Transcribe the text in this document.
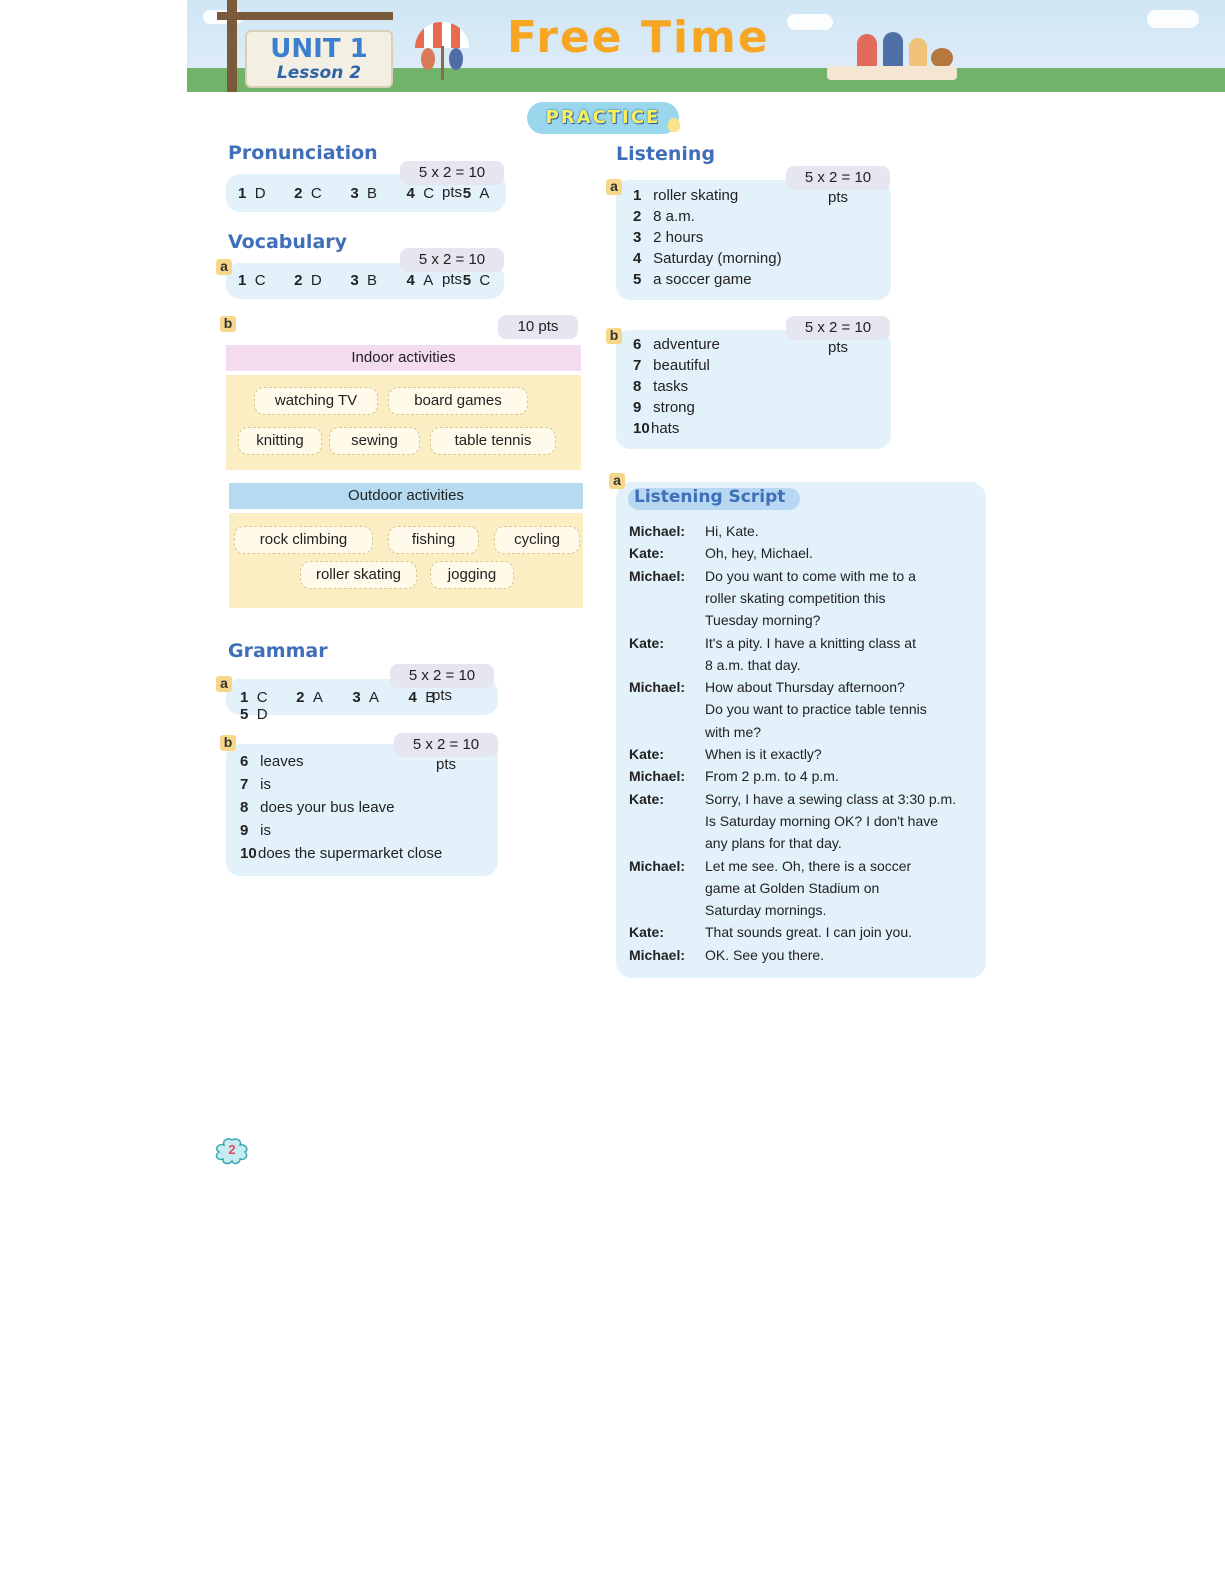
UNIT 1
Lesson 2
Free Time
PRACTICE
Pronunciation
5 x 2 = 10 pts
1 D 2 C 3 B 4 C 5 A
Vocabulary
a	5 x 2 = 10 pts
1 C 2 D 3 B 4 A 5 C
b	10 pts
Indoor activities
watching TV	board games
knitting	sewing	table tennis
Outdoor activities
rock climbing	fishing	cycling
roller skating	jogging
Grammar
a	5 x 2 = 10 pts
1 C 2 A 3 A 4 B 5 D
b	5 x 2 = 10 pts
6 leaves
7 is
8 does your bus leave
9 is
10does the supermarket close
Listening
a	5 x 2 = 10 pts
1 roller skating
2 8 a.m.
3 2 hours
4 Saturday (morning)
5 a soccer game
b	5 x 2 = 10 pts
6 adventure
7 beautiful
8 tasks
9 strong
10hats
a
Listening Script
Michael: Hi, Kate.
Kate:	Oh, hey, Michael.
Michael: Do you want to come with me to a
roller skating competition this
Tuesday morning?
Kate:	It's a pity. I have a knitting class at
8 a.m. that day.
Michael: How about Thursday afternoon?
Do you want to practice table tennis
with me?
Kate:	When is it exactly?
Michael: From 2 p.m. to 4 p.m.
Kate:	Sorry, I have a sewing class at 3:30 p.m.
Is Saturday morning OK? I don't have
any plans for that day.
Michael: Let me see. Oh, there is a soccer
game at Golden Stadium on
Saturday mornings.
Kate:	That sounds great. I can join you.
Michael: OK. See you there.
2
